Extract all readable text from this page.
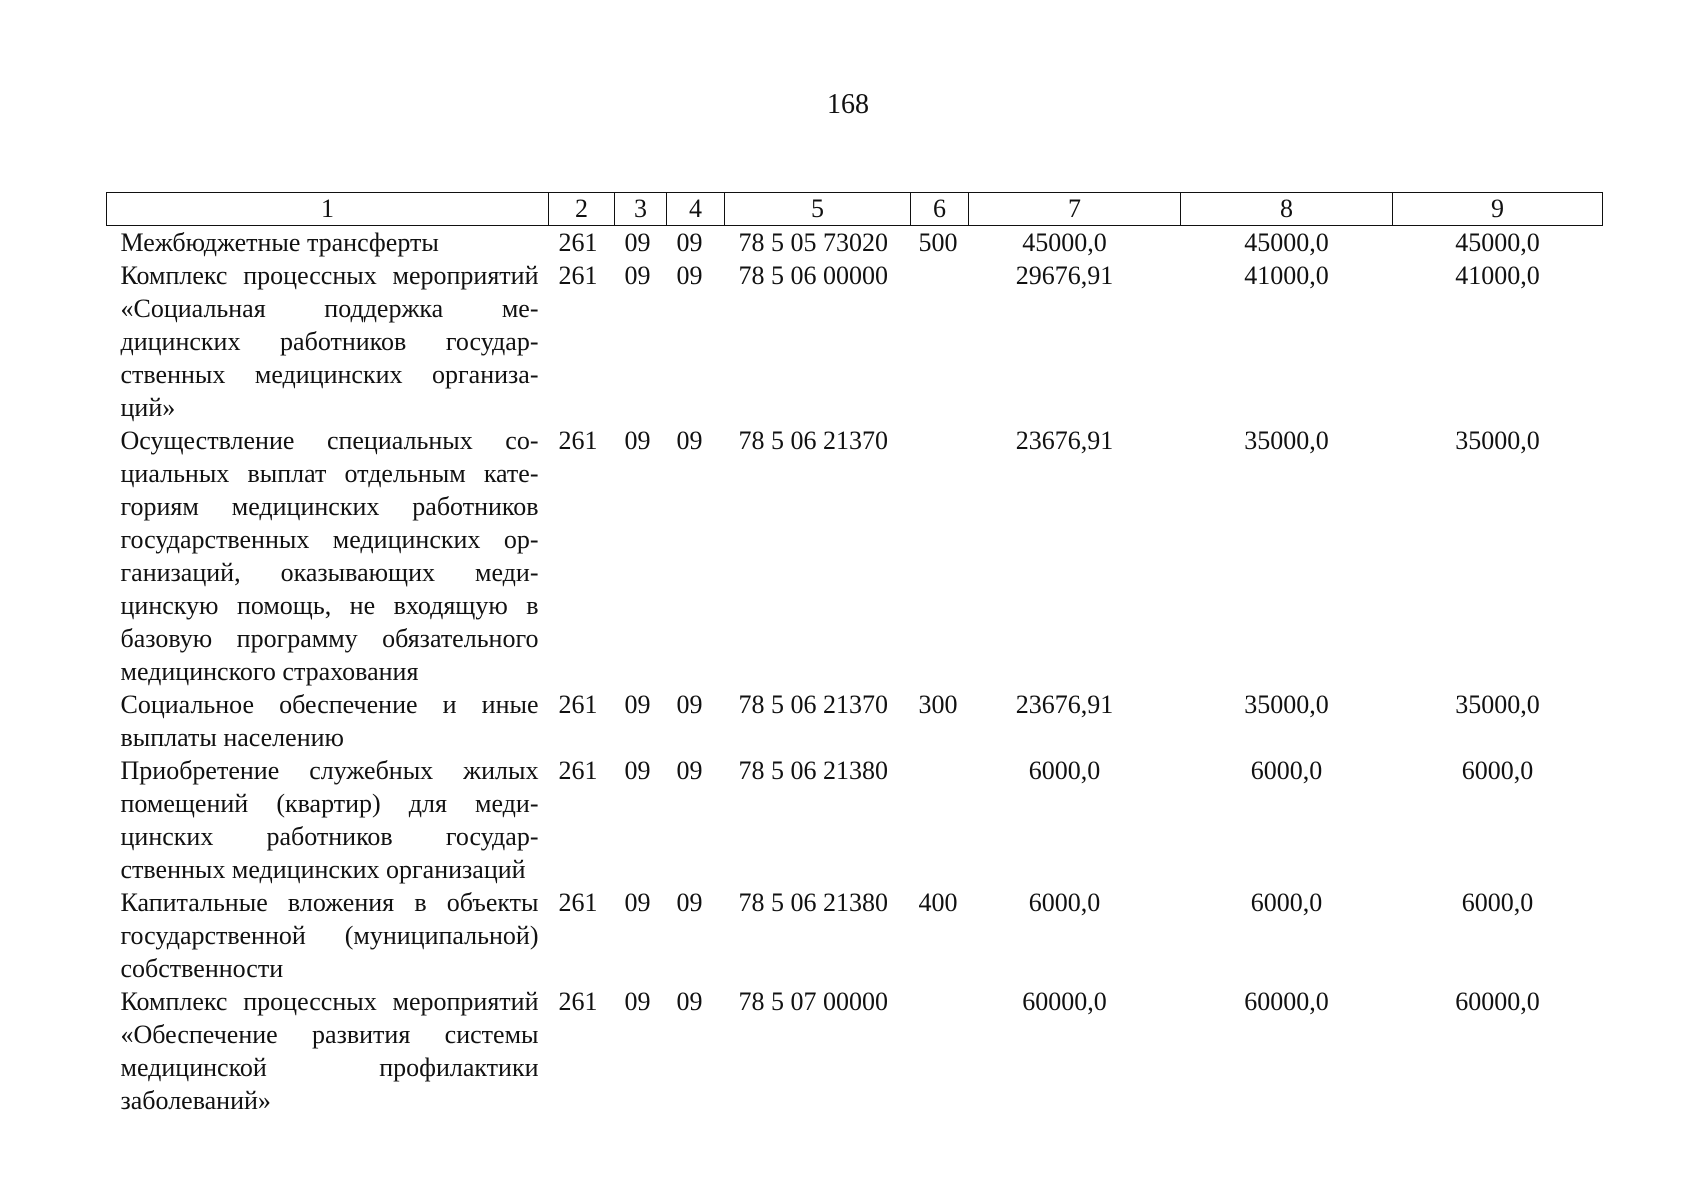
168
1	2	3	4	5	6	7	8	9
Межбюджетные трансферты	261	09	09	78 5 05 73020	500	45000,0	45000,0	45000,0
Комплекс процессных мероприятий «Социальная поддержка медицинских работников государственных медицинских организаций»	261	09	09	78 5 06 00000		29676,91	41000,0	41000,0
Осуществление специальных социальных выплат отдельным категориям медицинских работников государственных медицинских организаций, оказывающих медицинскую помощь, не входящую в базовую программу обязательного медицинского страхования	261	09	09	78 5 06 21370		23676,91	35000,0	35000,0
Социальное обеспечение и иные выплаты населению	261	09	09	78 5 06 21370	300	23676,91	35000,0	35000,0
Приобретение служебных жилых помещений (квартир) для медицинских работников государственных медицинских организаций	261	09	09	78 5 06 21380		6000,0	6000,0	6000,0
Капитальные вложения в объекты государственной (муниципальной) собственности	261	09	09	78 5 06 21380	400	6000,0	6000,0	6000,0
Комплекс процессных мероприятий «Обеспечение развития системы медицинской профилактики заболеваний»	261	09	09	78 5 07 00000		60000,0	60000,0	60000,0
